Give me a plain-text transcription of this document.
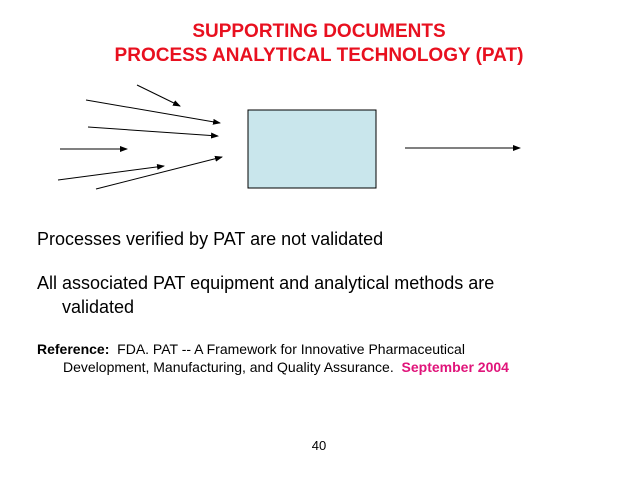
SUPPORTING DOCUMENTS
PROCESS ANALYTICAL TECHNOLOGY (PAT)
Processes verified by PAT are not validated
All associated PAT equipment and analytical methods are
validated
Reference: FDA. PAT -- A Framework for Innovative Pharmaceutical
Development, Manufacturing, and Quality Assurance. September 2004
40
